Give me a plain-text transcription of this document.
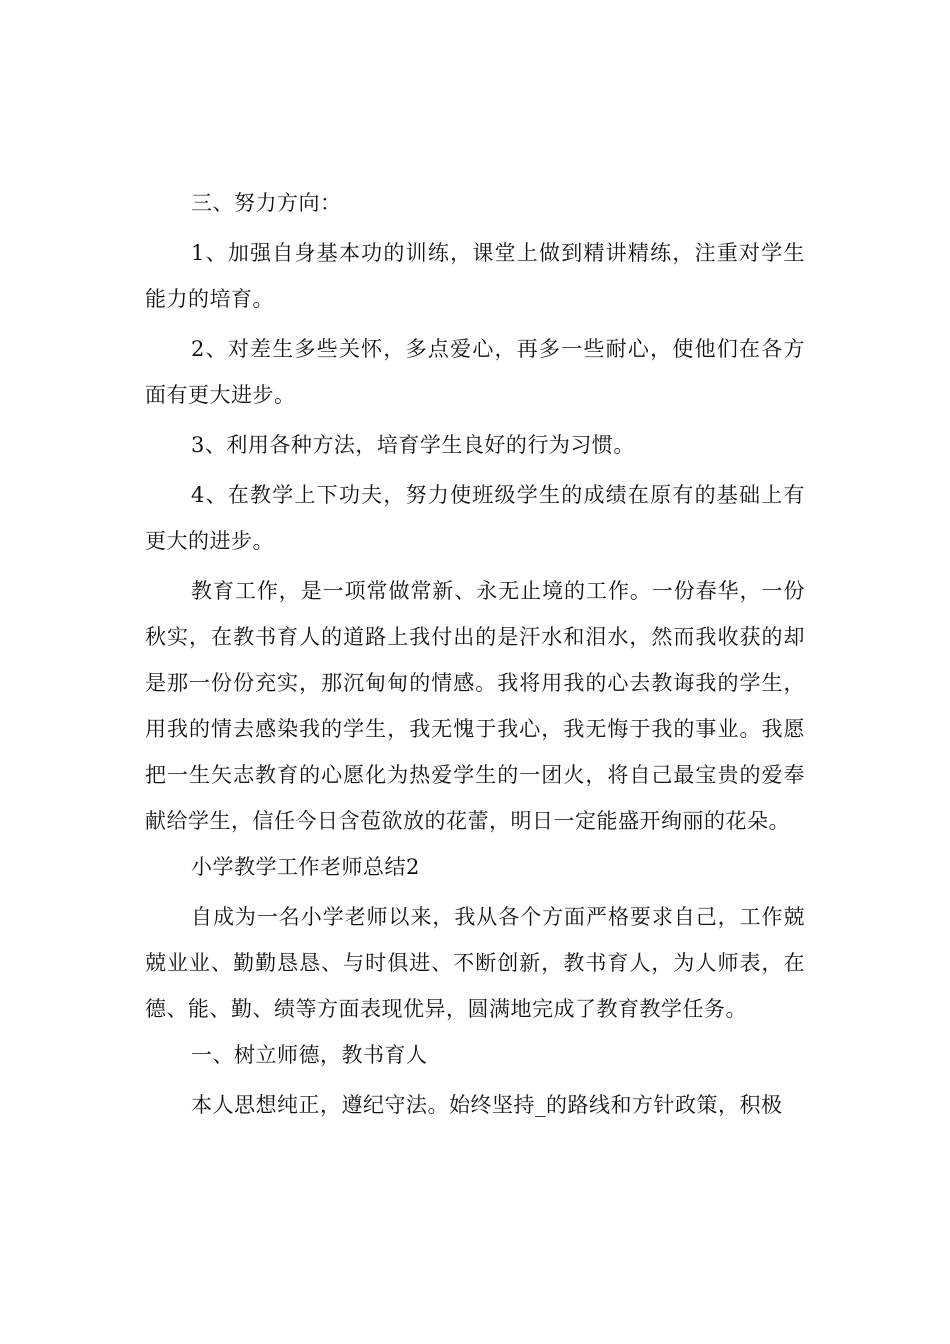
三、努力方向：

1、加强自身基本功的训练，课堂上做到精讲精练，注重对学生能力的培育。

2、对差生多些关怀，多点爱心，再多一些耐心，使他们在各方面有更大进步。

3、利用各种方法，培育学生良好的行为习惯。

4、在教学上下功夫，努力使班级学生的成绩在原有的基础上有更大的进步。

教育工作，是一项常做常新、永无止境的工作。一份春华，一份秋实，在教书育人的道路上我付出的是汗水和泪水，然而我收获的却是那一份份充实，那沉甸甸的情感。我将用我的心去教诲我的学生，用我的情去感染我的学生，我无愧于我心，我无悔于我的事业。我愿把一生矢志教育的心愿化为热爱学生的一团火，将自己最宝贵的爱奉献给学生，信任今日含苞欲放的花蕾，明日一定能盛开绚丽的花朵。

小学教学工作老师总结2

自成为一名小学老师以来，我从各个方面严格要求自己，工作兢兢业业、勤勤恳恳、与时俱进、不断创新，教书育人，为人师表，在德、能、勤、绩等方面表现优异，圆满地完成了教育教学任务。

一、树立师德，教书育人

本人思想纯正，遵纪守法。始终坚持_的路线和方针政策，积极
